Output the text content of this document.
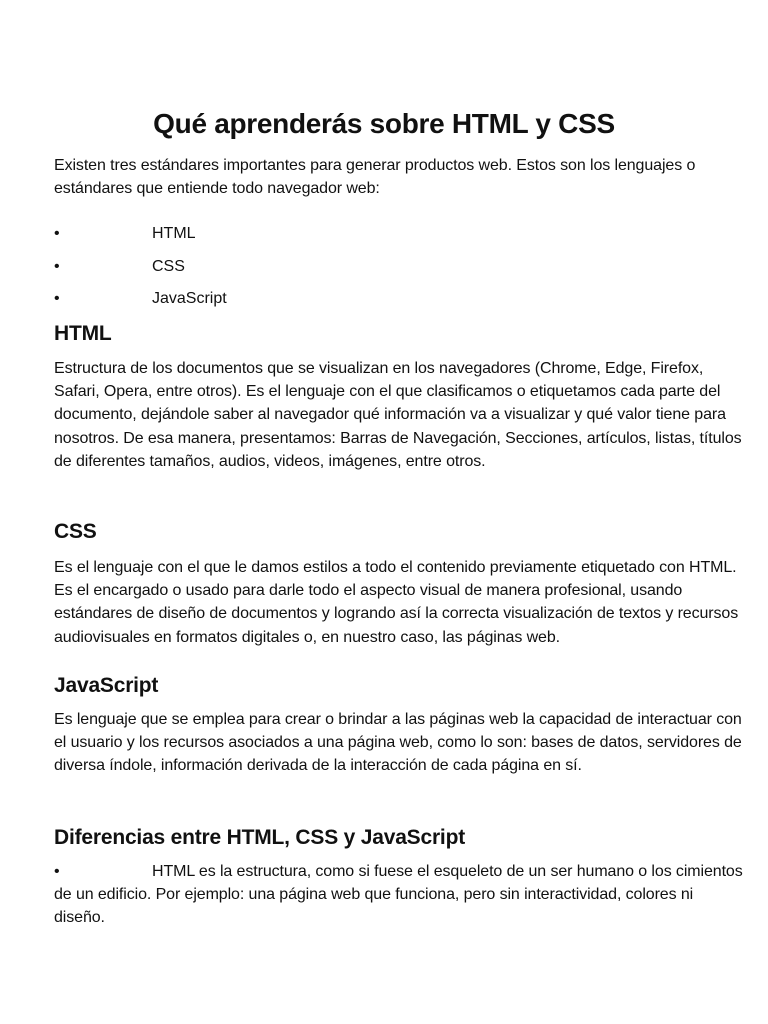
Qué aprenderás sobre HTML y CSS

Existen tres estándares importantes para generar productos web. Estos son los lenguajes o estándares que entiende todo navegador web:

•	HTML
•	CSS
•	JavaScript
HTML

Estructura de los documentos que se visualizan en los navegadores (Chrome, Edge, Firefox, Safari, Opera, entre otros). Es el lenguaje con el que clasificamos o etiquetamos cada parte del documento, dejándole saber al navegador qué información va a visualizar y qué valor tiene para nosotros. De esa manera, presentamos: Barras de Navegación, Secciones, artículos, listas, títulos de diferentes tamaños, audios, videos, imágenes, entre otros.

CSS

Es el lenguaje con el que le damos estilos a todo el contenido previamente etiquetado con HTML. Es el encargado o usado para darle todo el aspecto visual de manera profesional, usando estándares de diseño de documentos y logrando así la correcta visualización de textos y recursos audiovisuales en formatos digitales o, en nuestro caso, las páginas web.

JavaScript

Es lenguaje que se emplea para crear o brindar a las páginas web la capacidad de interactuar con el usuario y los recursos asociados a una página web, como lo son: bases de datos, servidores de diversa índole, información derivada de la interacción de cada página en sí.

Diferencias entre HTML, CSS y JavaScript

•	HTML es la estructura, como si fuese el esqueleto de un ser humano o los cimientos de un edificio. Por ejemplo: una página web que funciona, pero sin interactividad, colores ni diseño.
